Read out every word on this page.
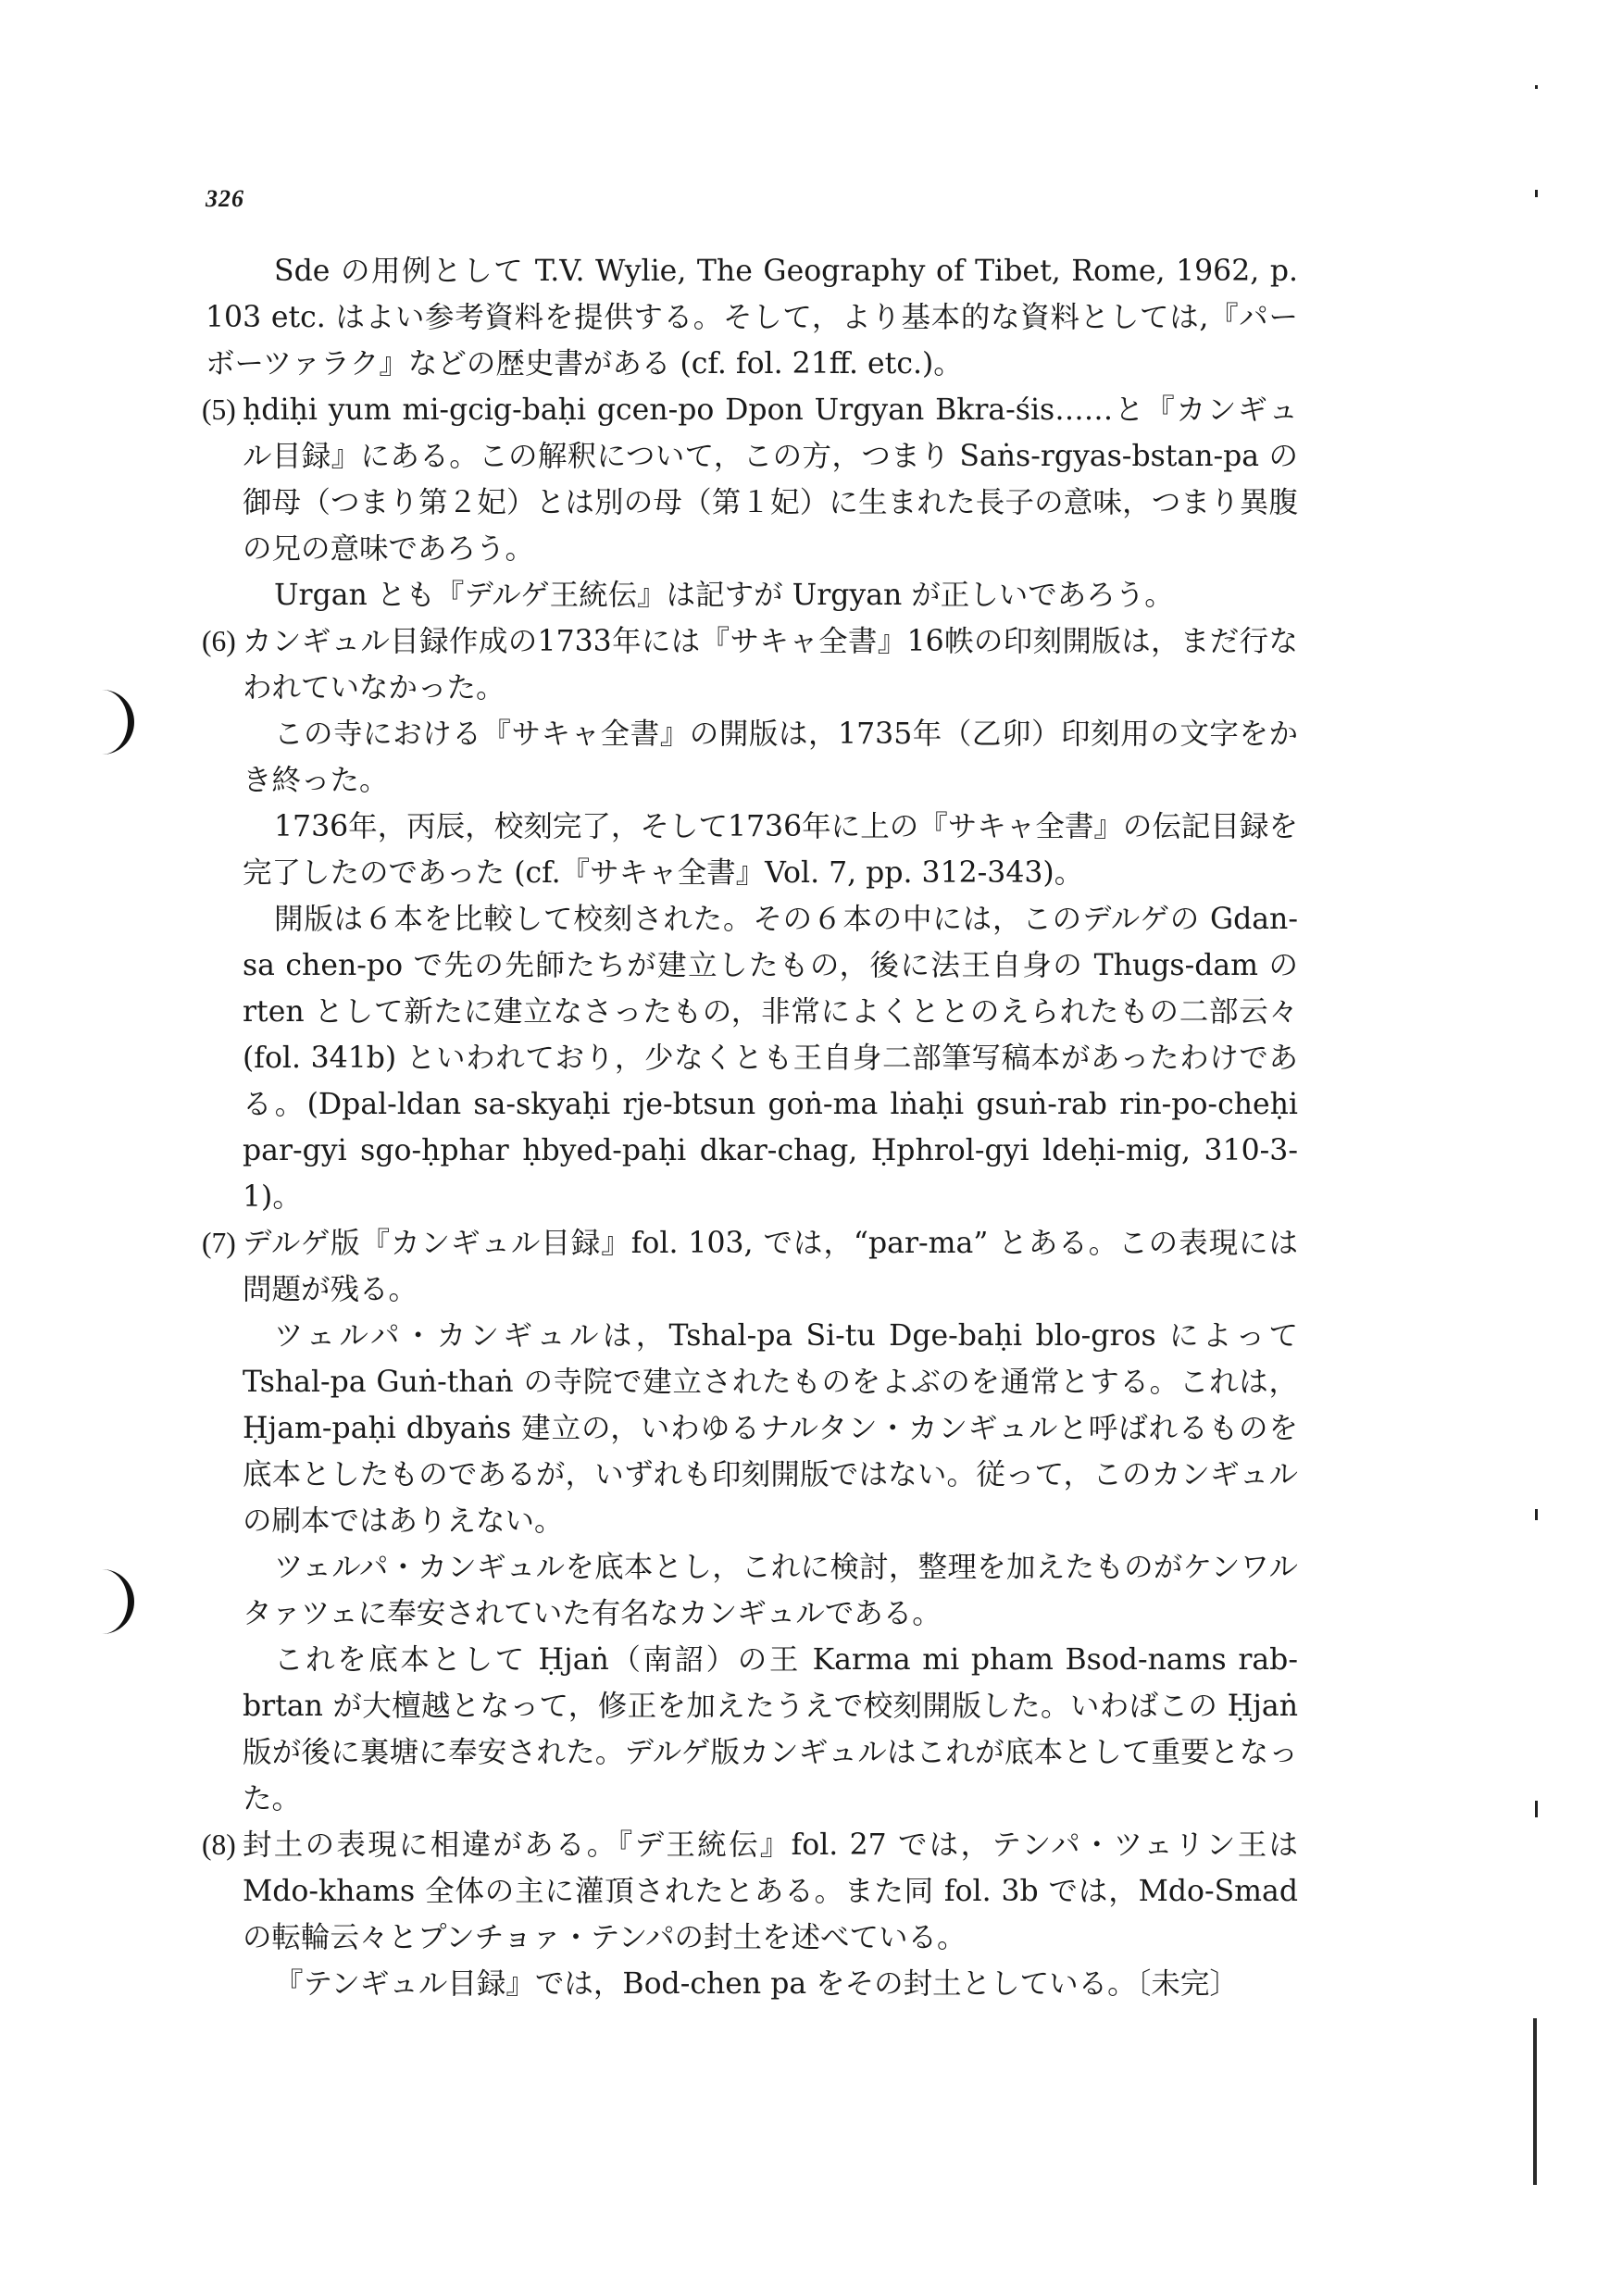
326

Sde の用例として T.V. Wylie, The Geography of Tibet, Rome, 1962, p. 103 etc. はよい参考資料を提供する。そして，より基本的な資料としては,『パーボーツァラク』などの歴史書がある (cf. fol. 21ff. etc.)。

(5) ḥdiḥi yum mi-gcig-baḥi gcen-po Dpon Urgyan Bkra-śis……と『カンギュル目録』にある。この解釈について，この方，つまり Saṅs-rgyas-bstan-pa の御母（つまり第２妃）とは別の母（第１妃）に生まれた長子の意味，つまり異腹の兄の意味であろう。

Urgan とも『デルゲ王統伝』は記すが Urgyan が正しいであろう。

(6) カンギュル目録作成の1733年には『サキャ全書』16帙の印刻開版は，まだ行なわれていなかった。

この寺における『サキャ全書』の開版は，1735年（乙卯）印刻用の文字をかき終った。

1736年，丙辰，校刻完了，そして1736年に上の『サキャ全書』の伝記目録を完了したのであった (cf.『サキャ全書』Vol. 7, pp. 312-343)。

開版は６本を比較して校刻された。その６本の中には，このデルゲの Gdan-sa chen-po で先の先師たちが建立したもの，後に法王自身の Thugs-dam の rten として新たに建立なさったもの，非常によくととのえられたもの二部云々 (fol. 341b) といわれており，少なくとも王自身二部筆写稿本があったわけである。(Dpal-ldan sa-skyaḥi rje-btsun goṅ-ma lṅaḥi gsuṅ-rab rin-po-cheḥi par-gyi sgo-ḥphar ḥbyed-paḥi dkar-chag, Ḥphrol-gyi ldeḥi-mig, 310-3-1)。

(7) デルゲ版『カンギュル目録』fol. 103, では，“par-ma” とある。この表現には問題が残る。

ツェルパ・カンギュルは，Tshal-pa Si-tu Dge-baḥi blo-gros によって Tshal-pa Guṅ-thaṅ の寺院で建立されたものをよぶのを通常とする。これは，Ḥjam-paḥi dbyaṅs 建立の，いわゆるナルタン・カンギュルと呼ばれるものを底本としたものであるが，いずれも印刻開版ではない。従って，このカンギュルの刷本ではありえない。

ツェルパ・カンギュルを底本とし，これに検討，整理を加えたものがケンワルタァツェに奉安されていた有名なカンギュルである。

これを底本として Ḥjaṅ（南詔）の王 Karma mi pham Bsod-nams rab-brtan が大檀越となって，修正を加えたうえで校刻開版した。いわばこの Ḥjaṅ 版が後に裏塘に奉安された。デルゲ版カンギュルはこれが底本として重要となった。

(8) 封土の表現に相違がある。『デ王統伝』fol. 27 では，テンパ・ツェリン王は Mdo-khams 全体の主に灌頂されたとある。また同 fol. 3b では，Mdo-Smad の転輪云々とプンチョァ・テンパの封土を述べている。

『テンギュル目録』では，Bod-chen pa をその封土としている。〔未完〕
